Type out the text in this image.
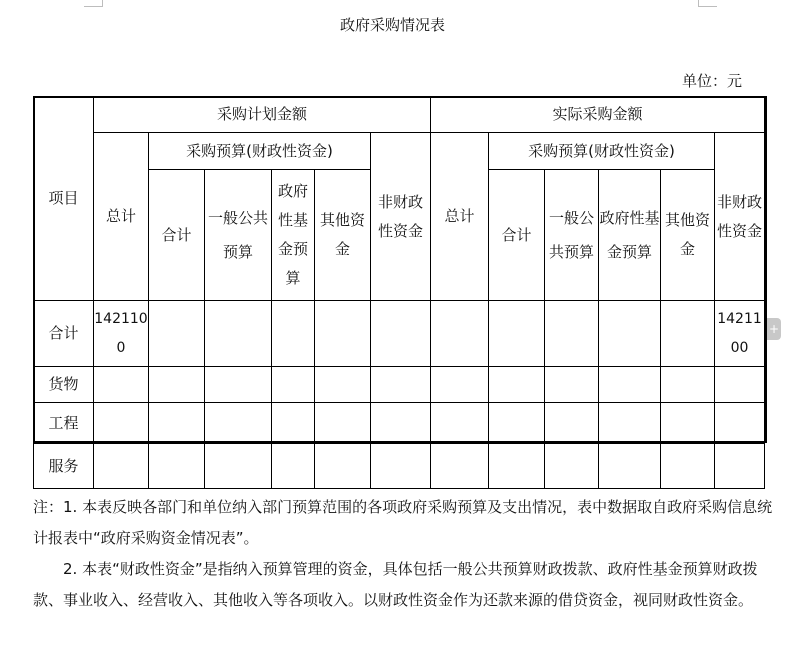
政府采购情况表
单位：元
项目	采购计划金额						实际采购金额					
	总计	采购预算(财政性资金)				非财政性资金	总计	采购预算(财政性资金)				非财政性资金
		合计	一般公共预算	政府性基金预算	其他资金			合计	一般公共预算	政府性基金预算	其他资金	

合计	1421100											1421100
货物												
工程												
服务												
+

注：1. 本表反映各部门和单位纳入部门预算范围的各项政府采购预算及支出情况，表中数据取自政府采购信息统计报表中“政府采购资金情况表”。

2. 本表“财政性资金”是指纳入预算管理的资金，具体包括一般公共预算财政拨款、政府性基金预算财政拨款、事业收入、经营收入、其他收入等各项收入。以财政性资金作为还款来源的借贷资金，视同财政性资金。
